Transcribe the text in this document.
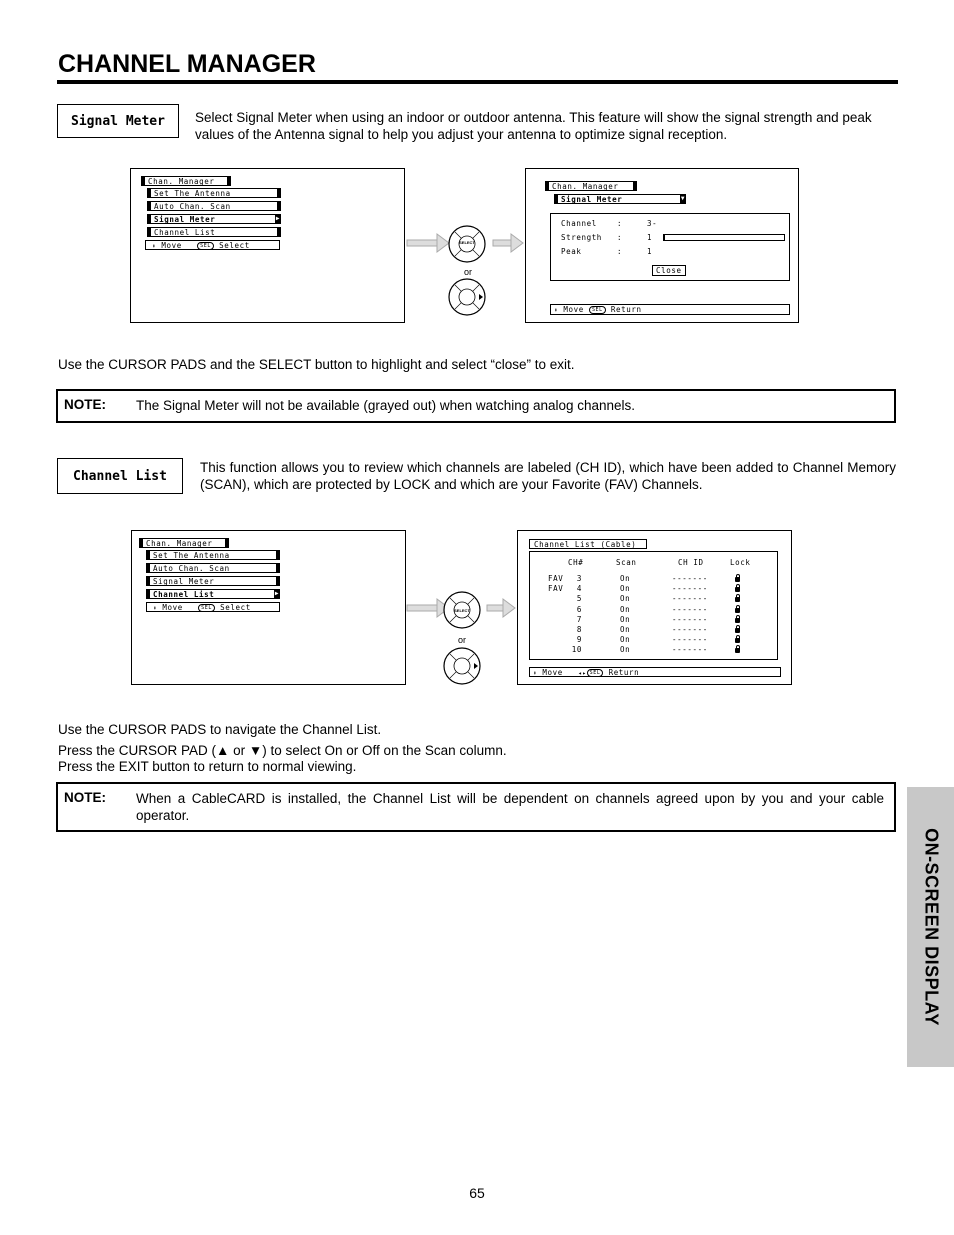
CHANNEL MANAGER
Signal Meter	Select Signal Meter when using an indoor or outdoor antenna. This feature will show the signal strength and peak values of the Antenna signal to help you adjust your antenna to optimize signal reception.
Chan. Manager
Set The Antenna
Auto Chan. Scan
Signal Meter	▶
Channel List
⬍ Move	SEL Select	SELECT
or
Chan. Manager
Signal Meter	▼
Channel	:	3-
Strength :	1
Peak	:	1
Close
⬍ Move SEL Return
Use the CURSOR PADS and the SELECT button to highlight and select “close” to exit.
NOTE: The Signal Meter will not be available (grayed out) when watching analog channels.
Channel List
This function allows you to review which channels are labeled (CH ID), which have been added to Channel Memory (SCAN), which are protected by LOCK and which are your Favorite (FAV) Channels.
Chan. Manager
Set The Antenna
Auto Chan. Scan
Signal Meter
Channel List	▶
⬍ Move	SEL Select	SELECT
or
Channel List (Cable)
CH#	Scan	CH ID	Lock
FAV	3	On	-------
FAV	4	On	-------
5	On	-------
6	On	-------
7	On	-------
8	On	-------
9	On	-------
10	On	-------
⬍ Move	◂▸ SEL Return
Use the CURSOR PADS to navigate the Channel List.
Press the CURSOR PAD (▲ or ▼) to select On or Off on the Scan column.
Press the EXIT button to return to normal viewing.
NOTE: When a CableCARD is installed, the Channel List will be dependent on channels agreed upon by you and your cable operator.
ON-SCREEN DISPLAY
65
